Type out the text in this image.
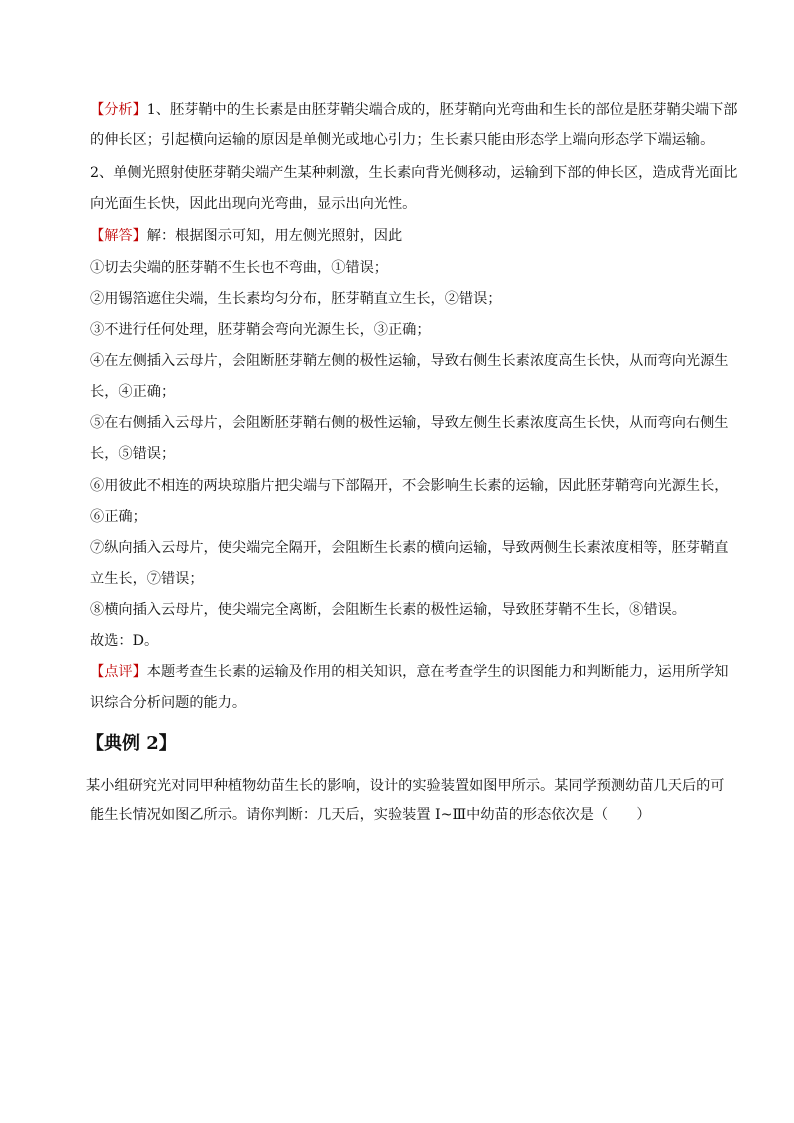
【分析】1、胚芽鞘中的生长素是由胚芽鞘尖端合成的，胚芽鞘向光弯曲和生长的部位是胚芽鞘尖端下部
的伸长区；引起横向运输的原因是单侧光或地心引力；生长素只能由形态学上端向形态学下端运输。
2、单侧光照射使胚芽鞘尖端产生某种刺激，生长素向背光侧移动，运输到下部的伸长区，造成背光面比
向光面生长快，因此出现向光弯曲，显示出向光性。
【解答】解：根据图示可知，用左侧光照射，因此
①切去尖端的胚芽鞘不生长也不弯曲，①错误；
②用锡箔遮住尖端，生长素均匀分布，胚芽鞘直立生长，②错误；
③不进行任何处理，胚芽鞘会弯向光源生长，③正确；
④在左侧插入云母片，会阻断胚芽鞘左侧的极性运输，导致右侧生长素浓度高生长快，从而弯向光源生
长，④正确；
⑤在右侧插入云母片，会阻断胚芽鞘右侧的极性运输，导致左侧生长素浓度高生长快，从而弯向右侧生
长，⑤错误；
⑥用彼此不相连的两块琼脂片把尖端与下部隔开，不会影响生长素的运输，因此胚芽鞘弯向光源生长，
⑥正确；
⑦纵向插入云母片，使尖端完全隔开，会阻断生长素的横向运输，导致两侧生长素浓度相等，胚芽鞘直
立生长，⑦错误；
⑧横向插入云母片，使尖端完全离断，会阻断生长素的极性运输，导致胚芽鞘不生长，⑧错误。
故选：D。
【点评】本题考查生长素的运输及作用的相关知识，意在考查学生的识图能力和判断能力，运用所学知
识综合分析问题的能力。
【典例 2】
某小组研究光对同甲种植物幼苗生长的影响，设计的实验装置如图甲所示。某同学预测幼苗几天后的可
能生长情况如图乙所示。请你判断：几天后，实验装置 I~Ⅲ中幼苗的形态依次是（　　）
